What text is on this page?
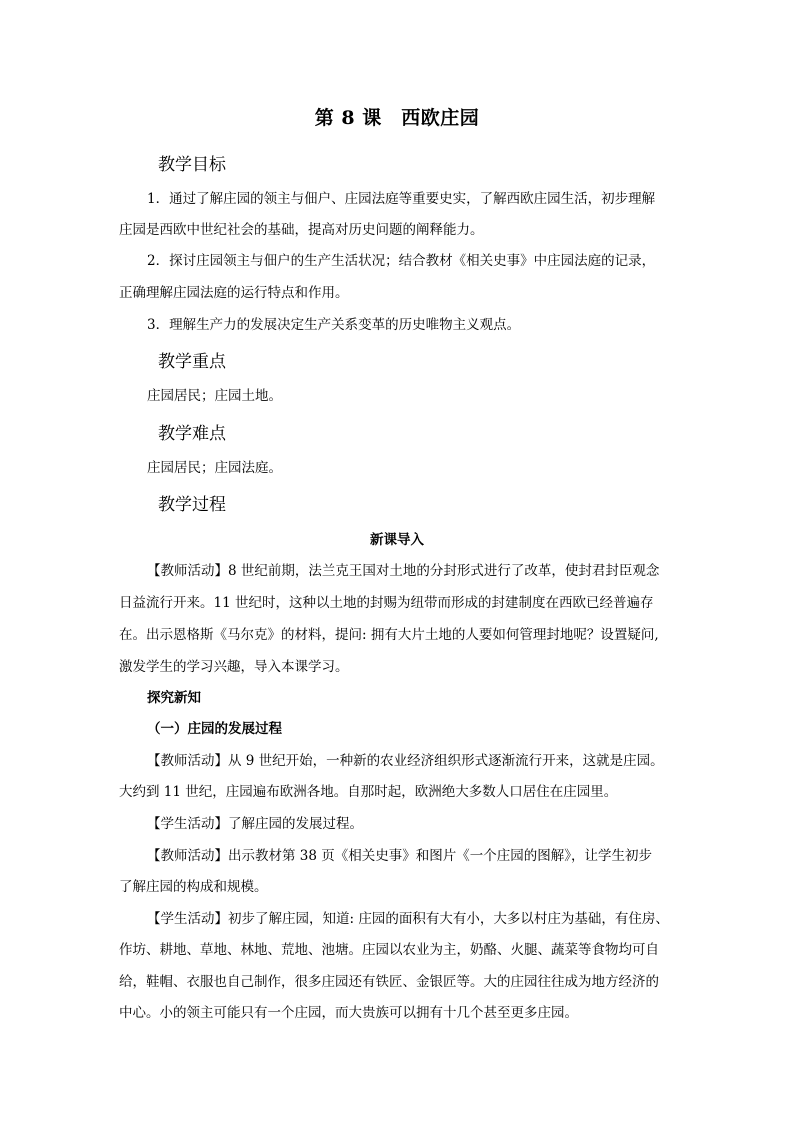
第 8 课　西欧庄园
教学目标
1．通过了解庄园的领主与佃户、庄园法庭等重要史实，了解西欧庄园生活，初步理解
庄园是西欧中世纪社会的基础，提高对历史问题的阐释能力。
2．探讨庄园领主与佃户的生产生活状况；结合教材《相关史事》中庄园法庭的记录，
正确理解庄园法庭的运行特点和作用。
3．理解生产力的发展决定生产关系变革的历史唯物主义观点。
教学重点
庄园居民；庄园土地。
教学难点
庄园居民；庄园法庭。
教学过程
新课导入
【教师活动】8 世纪前期，法兰克王国对土地的分封形式进行了改革，使封君封臣观念
日益流行开来。11 世纪时，这种以土地的封赐为纽带而形成的封建制度在西欧已经普遍存
在。出示恩格斯《马尔克》的材料，提问: 拥有大片土地的人要如何管理封地呢？设置疑问,
激发学生的学习兴趣，导入本课学习。
探究新知
（一）庄园的发展过程
【教师活动】从 9 世纪开始，一种新的农业经济组织形式逐渐流行开来，这就是庄园。
大约到 11 世纪，庄园遍布欧洲各地。自那时起，欧洲绝大多数人口居住在庄园里。
【学生活动】了解庄园的发展过程。
【教师活动】出示教材第 38 页《相关史事》和图片《一个庄园的图解》，让学生初步
了解庄园的构成和规模。
【学生活动】初步了解庄园，知道: 庄园的面积有大有小，大多以村庄为基础，有住房、
作坊、耕地、草地、林地、荒地、池塘。庄园以农业为主，奶酪、火腿、蔬菜等食物均可自
给，鞋帽、衣服也自己制作，很多庄园还有铁匠、金银匠等。大的庄园往往成为地方经济的
中心。小的领主可能只有一个庄园，而大贵族可以拥有十几个甚至更多庄园。
